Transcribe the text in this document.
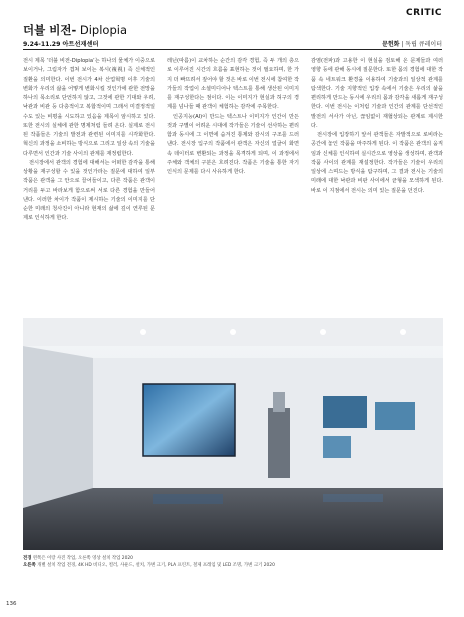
CRITIC
더블 비전- Diplopia
9.24-11.29 아트선재센터	문헌화 | 독립 큐레이터

전시 제목 ‘더블 비전-Diplopia’는 하나의 물체가 이중으로 보이거나, 그림자가 겹쳐 보이는 복시(複視) 즉 신체적인 질환을 의미한다. 이번 전시가 4차 산업혁명 이후 기술의 변화가 우리의 삶을 어떻게 변화시킬 것인가에 관한 전망을 하나의 목소리로 단언하지 않고, 그것에 관한 기대와 우려, 낙관과 비관 등 다층적이고 복합적이며 그래서 미결정적일 수도 있는 비평을 시도하고 있음을 제목이 암시하고 있다. 또한 전시의 실체에 관한 명제처럼 들려 온다. 실제로 전시된 작품들은 기술의 발전과 관련된 이미지를 시각화한다. 혁신의 과정을 소비하는 방식으로 그리고 일상 속의 기술을 다루면서 인간과 기술 사이의 관계를 재정립한다.

전시장에서 관객의 경험에 대해서는 어떠한 감각을 통해 상황을 재구성할 수 있을 것인가라는 질문에 대하여 일부 작품은 관객을 그 안으로 끌어들이고, 다른 작품은 관객이 거리를 두고 바라보게 함으로써 서로 다른 경험을 만들어 낸다. 이러한 차이가 작품이 제시하는 기술의 이미지를 단순한 미래의 청사진이 아니라 현재의 삶에 깊이 연루된 문제로 인식하게 한다.

레닌(따름)이 교차하는 순간의 감각 경험, 즉 두 개의 층으로 이루어진 시간의 흐름을 표현하는 것이 필요하며, 한 가지 더 빠뜨려서 짚어야 할 것은 바로 이번 전시에 참여한 작가들의 작업이 소셜미디어나 텍스트를 통해 생산된 이미지를 재구성한다는 점이다. 이는 이미지가 현실과 허구의 경계를 넘나들 때 관객이 체험하는 감각에 주목한다.

인공지능(AI)이 만드는 텍스트나 이미지가 인간이 만든 것과 구별이 어려운 시대에 작가들은 기술이 선사하는 편리함과 동시에 그 이면에 숨겨진 통제와 감시의 구조를 드러낸다. 전시장 입구의 작품에서 관객은 자신의 얼굴이 화면 속 데이터로 변환되는 과정을 목격하게 되며, 이 과정에서 주체와 객체의 구분은 흐려진다. 작품은 기술을 통한 자기 인식의 문제를 다시 사유하게 한다.

감염(전파)과 고용한 이 현실을 검토해 온 문제들과 여러 영향 등에 관해 동시에 질문한다. 또한 몸의 경험에 대한 작품 속 네트워크 환경을 이용하여 기술과의 일상적 관계를 탐색한다. 기술 지향적인 입장 속에서 기술은 우리의 삶을 편리하게 만드는 동시에 우리의 몸과 감각을 새롭게 재구성한다. 이번 전시는 이처럼 기술과 인간의 관계를 단선적인 발전의 서사가 아닌, 끊임없이 재협상되는 관계로 제시한다.

전시장에 입장하기 앞서 관객들은 자발적으로 로비라는 공간에 놓인 작품을 마주하게 된다. 이 작품은 관객의 움직임과 신체를 인식하여 실시간으로 영상을 생성하며, 관객과 작품 사이의 관계를 재설정한다. 작가들은 기술이 우리의 일상에 스며드는 방식을 탐구하며, 그 결과 전시는 기술의 미래에 대한 낙관과 비판 사이에서 균형을 모색하게 된다. 바로 이 지점에서 전시는 의미 있는 질문을 던진다.

전경 왼쪽은 이랑 사진 작업, 오른쪽 영상 설치 작업 2020
오른쪽 개별 설치 작업 전경, 4K HD 비디오, 컬러, 사운드, 설치, 가변 크기, PLA 프린트, 철제 프레임 및 LED 조명, 가변 크기 2020
136
